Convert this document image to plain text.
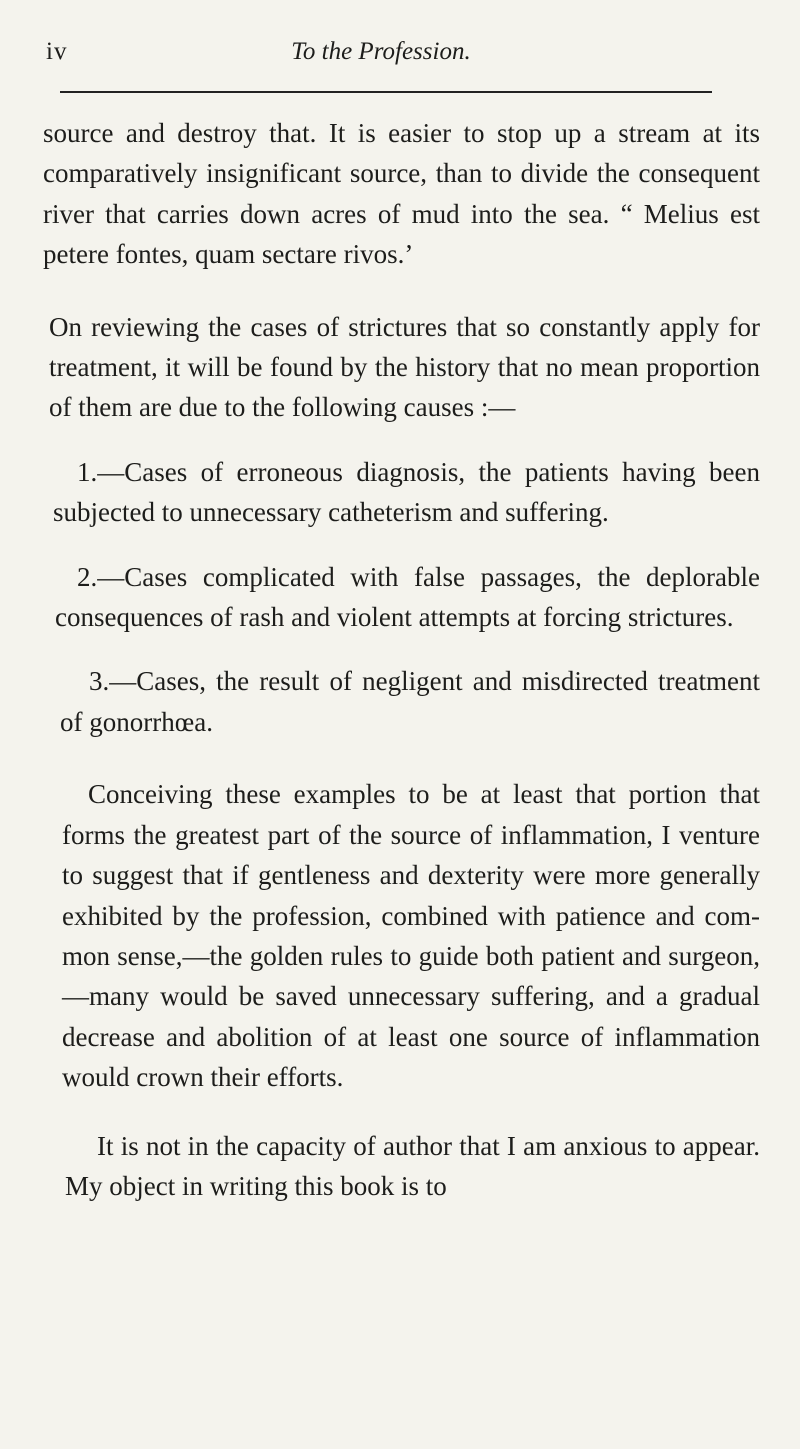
iv	To the Profession.

source and destroy that. It is easier to stop up a stream at its comparatively insignificant source, than to divide the consequent river that carries down acres of mud into the sea. “ Melius est petere fontes, quam sectare rivos.’

On reviewing the cases of strictures that so constantly apply for treatment, it will be found by the history that no mean proportion of them are due to the following causes :—

1.—Cases of erroneous diagnosis, the patients having been subjected to unnecessary catheterism and suffering.

2.—Cases complicated with false passages, the deplorable consequences of rash and violent attempts at forcing strictures.

3.—Cases, the result of negligent and misdirected treatment of gonorrhœa.

Conceiving these examples to be at least that portion that forms the greatest part of the source of inflammation, I venture to suggest that if gentleness and dexterity were more generally exhibited by the profession, combined with patience and common sense,—the golden rules to guide both patient and surgeon,—many would be saved unnecessary suffering, and a gradual decrease and abolition of at least one source of inflammation would crown their efforts.

It is not in the capacity of author that I am anxious to appear. My object in writing this book is to
